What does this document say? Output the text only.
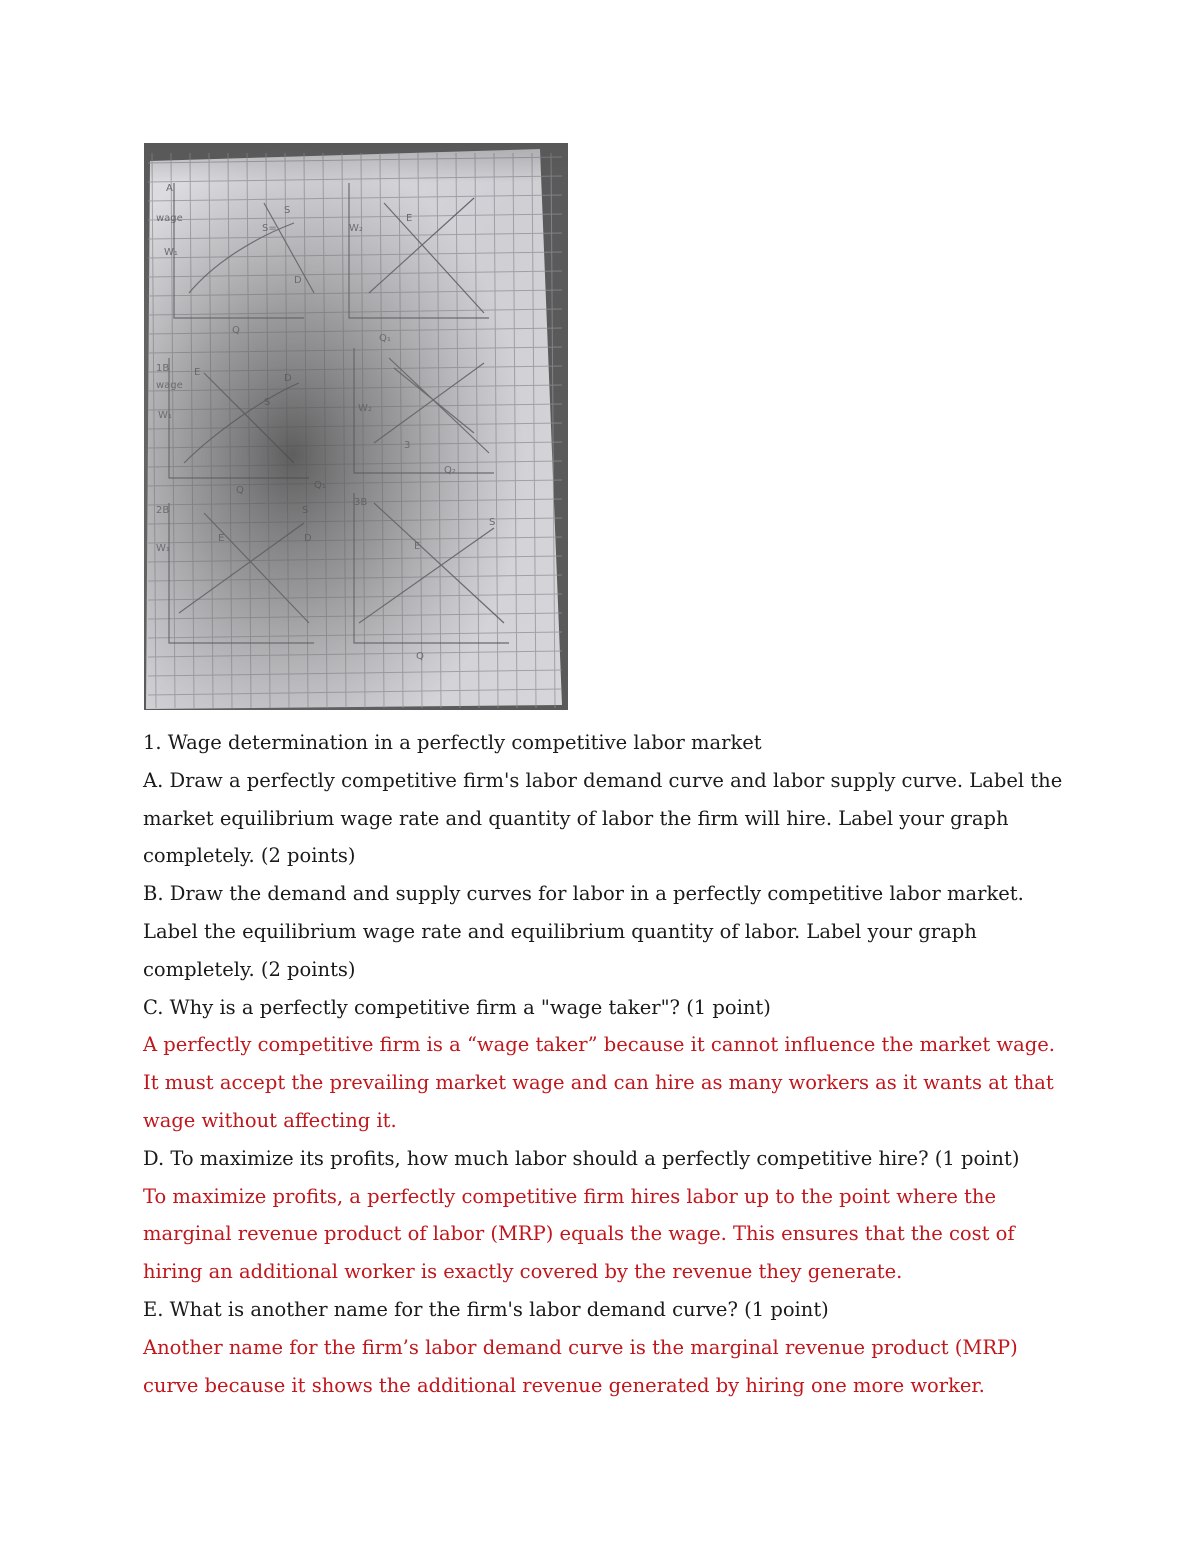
1. Wage determination in a perfectly competitive labor market

A. Draw a perfectly competitive firm's labor demand curve and labor supply curve. Label the market equilibrium wage rate and quantity of labor the firm will hire. Label your graph completely. (2 points)

B. Draw the demand and supply curves for labor in a perfectly competitive labor market. Label the equilibrium wage rate and equilibrium quantity of labor. Label your graph completely. (2 points)

C. Why is a perfectly competitive firm a "wage taker"? (1 point)

A perfectly competitive firm is a “wage taker” because it cannot influence the market wage. It must accept the prevailing market wage and can hire as many workers as it wants at that wage without affecting it.

D. To maximize its profits, how much labor should a perfectly competitive hire? (1 point)

To maximize profits, a perfectly competitive firm hires labor up to the point where the marginal revenue product of labor (MRP) equals the wage. This ensures that the cost of hiring an additional worker is exactly covered by the revenue they generate.

E. What is another name for the firm's labor demand curve? (1 point)

Another name for the firm’s labor demand curve is the marginal revenue product (MRP) curve because it shows the additional revenue generated by hiring one more worker.
